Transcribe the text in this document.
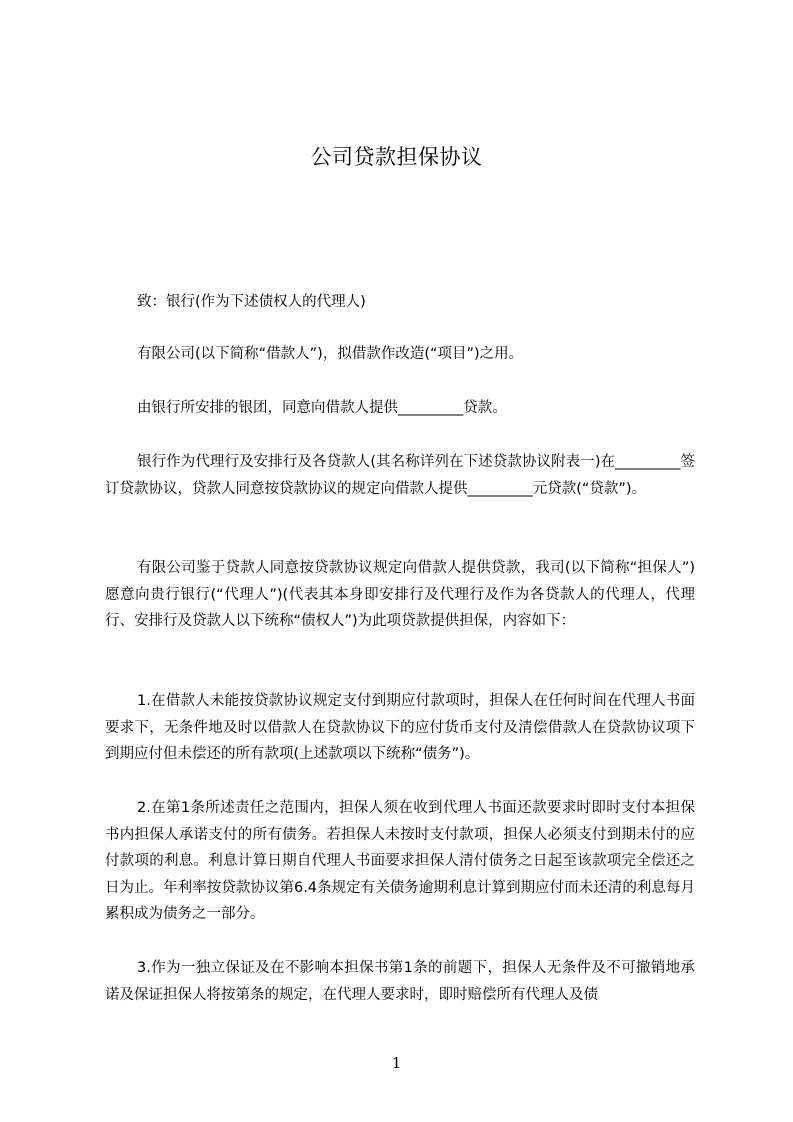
公司贷款担保协议
致：银行(作为下述债权人的代理人)
有限公司(以下简称“借款人”)，拟借款作改造(“项目”)之用。
由银行所安排的银团，同意向借款人提供_________贷款。
银行作为代理行及安排行及各贷款人(其名称详列在下述贷款协议附表一)在_________签订贷款协议，贷款人同意按贷款协议的规定向借款人提供_________元贷款(“贷款”)。
有限公司鉴于贷款人同意按贷款协议规定向借款人提供贷款，我司(以下简称“担保人”)愿意向贵行银行(“代理人”)(代表其本身即安排行及代理行及作为各贷款人的代理人，代理行、安排行及贷款人以下统称“债权人”)为此项贷款提供担保，内容如下：
1.在借款人未能按贷款协议规定支付到期应付款项时，担保人在任何时间在代理人书面要求下，无条件地及时以借款人在贷款协议下的应付货币支付及清偿借款人在贷款协议项下到期应付但未偿还的所有款项(上述款项以下统称“债务”)。
2.在第1条所述责任之范围内，担保人须在收到代理人书面还款要求时即时支付本担保书内担保人承诺支付的所有债务。若担保人未按时支付款项，担保人必须支付到期未付的应付款项的利息。利息计算日期自代理人书面要求担保人清付债务之日起至该款项完全偿还之日为止。年利率按贷款协议第6.4条规定有关债务逾期利息计算到期应付而未还清的利息每月累积成为债务之一部分。
3.作为一独立保证及在不影响本担保书第1条的前题下，担保人无条件及不可撤销地承诺及保证担保人将按第条的规定，在代理人要求时，即时赔偿所有代理人及债
1
